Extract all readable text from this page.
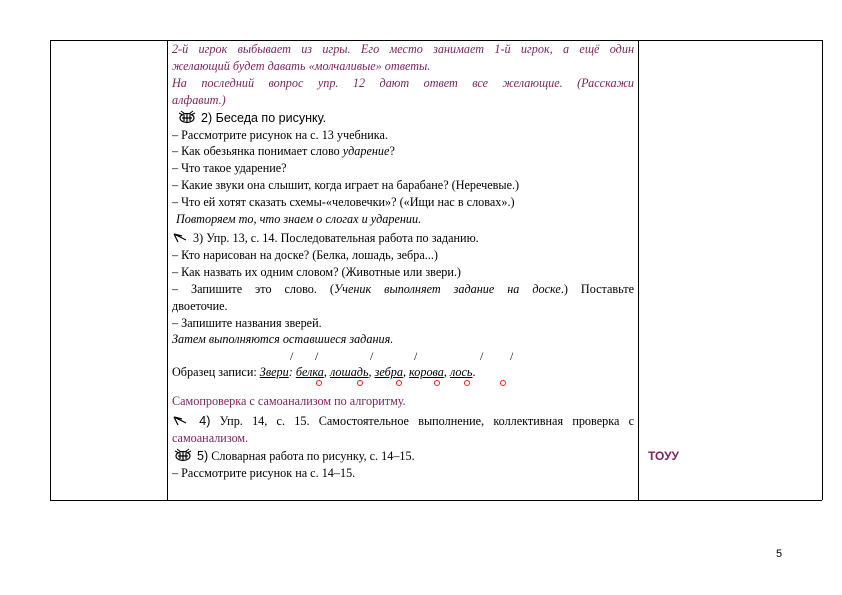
2-й игрок выбывает из игры. Его место занимает 1-й игрок, а ещё один

желающий будет давать «молчаливые» ответы.

На последний вопрос упр. 12 дают ответ все желающие. (Расскажи

алфавит.)

2) Беседа по рисунку.

– Рассмотрите рисунок на с. 13 учебника.

– Как обезьянка понимает слово ударение?

– Что такое ударение?

– Какие звуки она слышит, когда играет на барабане? (Неречевые.)

– Что ей хотят сказать схемы-«человечки»? («Ищи нас в словах».)

Повторяем то, что знаем о слогах и ударении.

3) Упр. 13, с. 14. Последовательная работа по заданию.

– Кто нарисован на доске? (Белка, лошадь, зебра...)

– Как назвать их одним словом? (Животные или звери.)

– Запишите это слово. (Ученик выполняет задание на доске.) Поставьте

двоеточие.

– Запишите названия зверей.

Затем выполняются оставшиеся задания.

/ /	/	/	/ /

Образец записи: Звери: белка, лошадь, зебра, корова, лось.

Самопроверка с самоанализом по алгоритму.

4) Упр. 14, с. 15. Самостоятельное выполнение, коллективная проверка с

самоанализом.

5) Словарная работа по рисунку, с. 14–15.

– Рассмотрите рисунок на с. 14–15.

ТОУУ
5
